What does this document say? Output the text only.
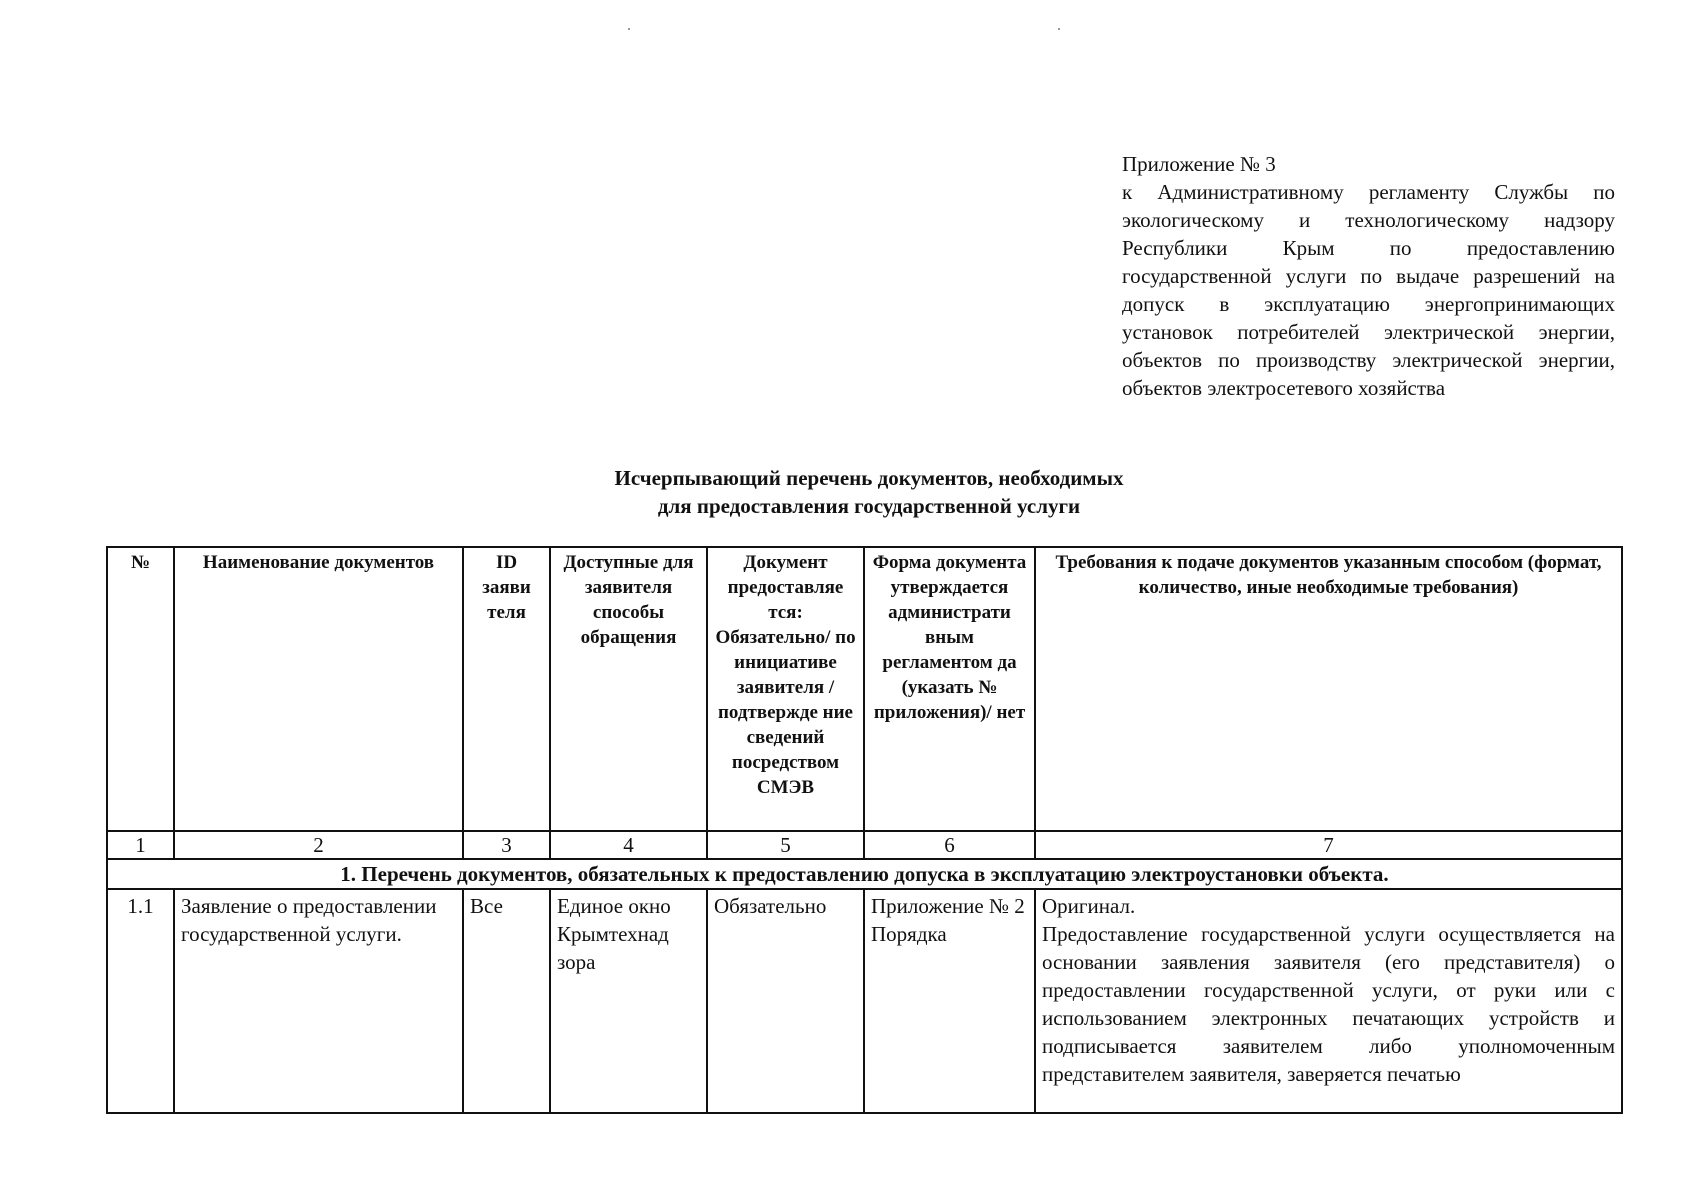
Приложение № 3
к Административному регламенту Службы по экологическому и технологическому надзору Республики Крым по предоставлению государственной услуги по выдаче разрешений на допуск в эксплуатацию энергопринимающих установок потребителей электрической энергии, объектов по производству электрической энергии, объектов электросетевого хозяйства
Исчерпывающий перечень документов, необходимых
для предоставления государственной услуги
№	Наименование документов	ID заяви теля	Доступные для заявителя способы обращения	Документ предоставляе тся: Обязательно/ по инициативе заявителя /подтвержде ние сведений посредством СМЭВ	Форма документа утверждается администрати вным регламентом да (указать № приложения)/ нет	Требования к подаче документов указанным способом (формат, количество, иные необходимые требования)
1	2	3	4	5	6	7
1. Перечень документов, обязательных к предоставлению допуска в эксплуатацию электроустановки объекта.						
1.1	Заявление о предоставлении государственной услуги.	Все	Единое окно Крымтехнад зора	Обязательно	Приложение № 2 Порядка	Оригинал.

Предоставление государственной услуги осуществляется на основании заявления заявителя (его представителя) о предоставлении государственной услуги, от руки или с использованием электронных печатающих устройств и подписывается заявителем либо уполномоченным представителем заявителя, заверяется печатью
